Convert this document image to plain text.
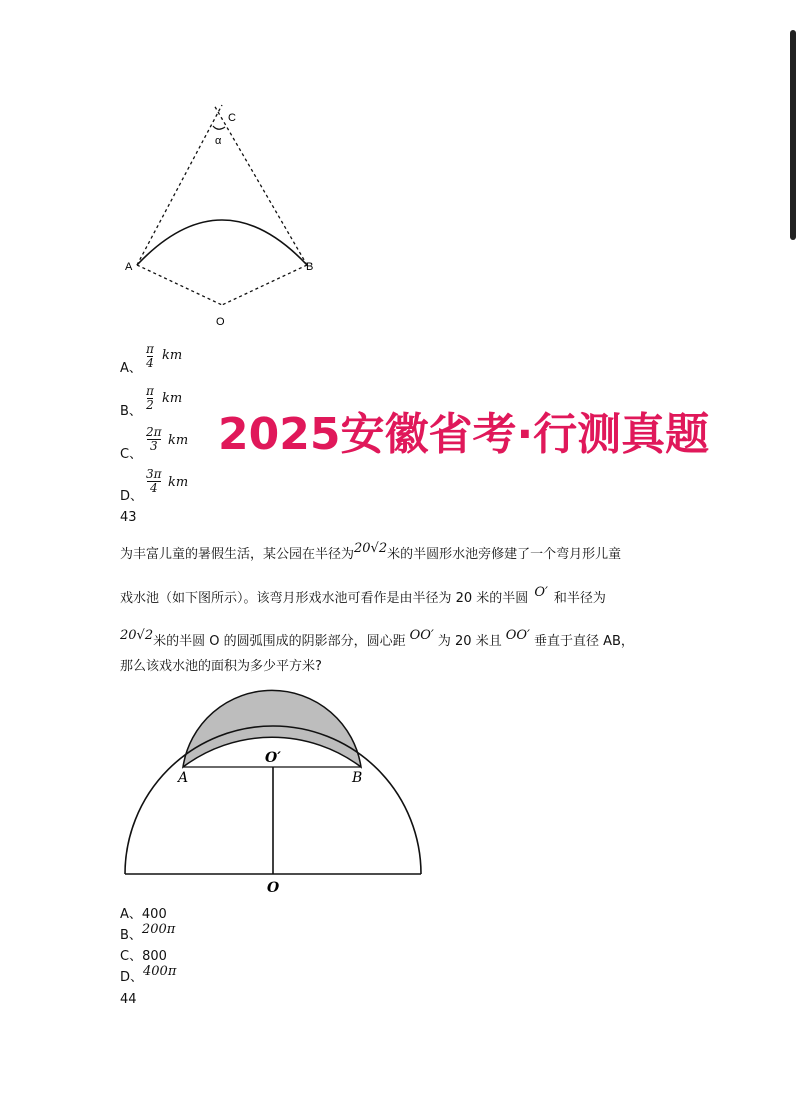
C
α
A	B
O
A、
π
4 km
B、
π
2 km
C、
2π
3 km
D、
3π
4 km
2025安徽省考·行测真题
43
为丰富儿童的暑假生活，某公园在半径为20√2米的半圆形水池旁修建了一个弯月形儿童
戏水池（如下图所示）。该弯月形戏水池可看作是由半径为 20 米的半圆 O′ 和半径为
20√2米的半圆 O 的圆弧围成的阴影部分，圆心距 OO′ 为 20 米且 OO′ 垂直于直径 AB，
那么该戏水池的面积为多少平方米?
O′
A	B
O
A、400
B、200π
C、800
D、400π
44
